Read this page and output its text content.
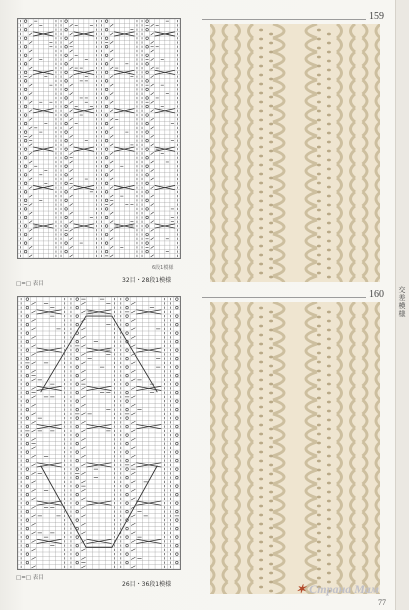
交差模様
159
□=□ 表目
6段1模様
32目・28段1模様
160
□=□ 表目
26目・36段1模様	✶ Страна Мам
77
